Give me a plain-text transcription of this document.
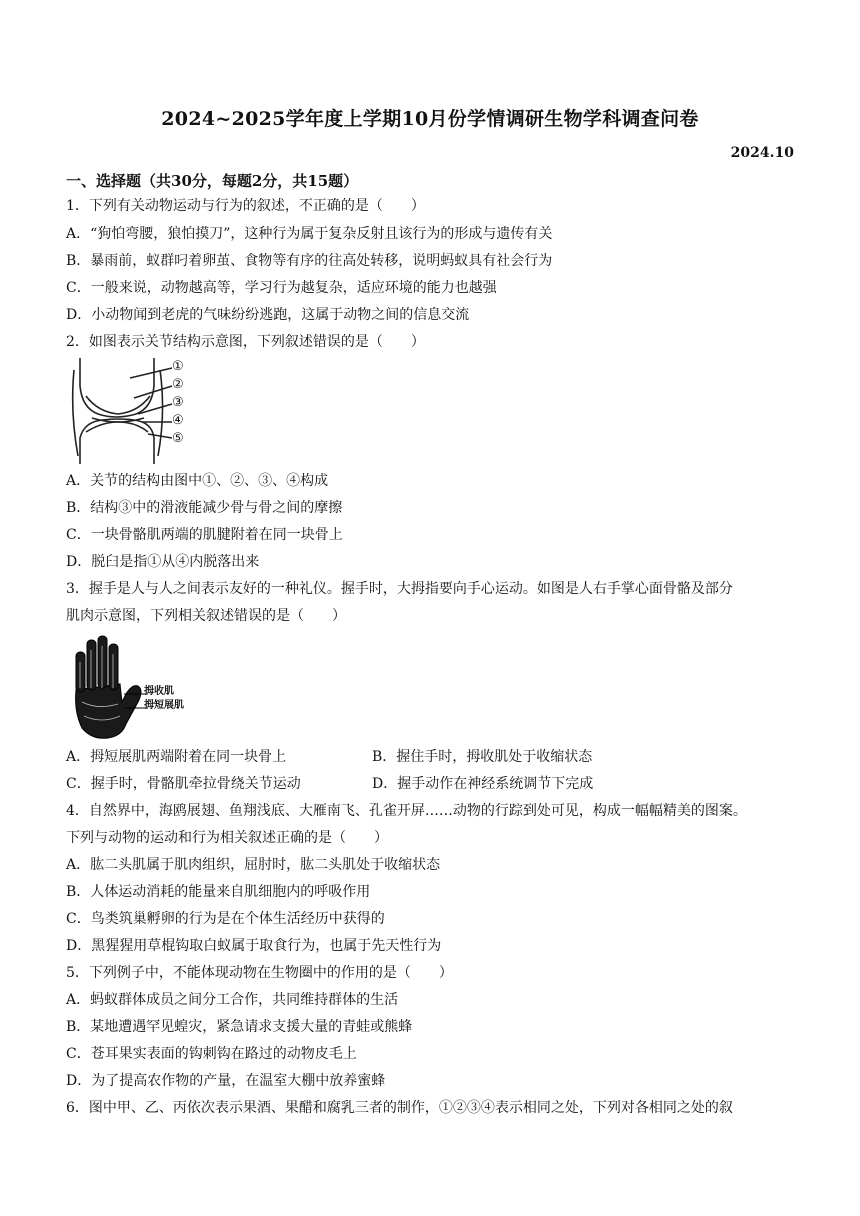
2024~2025学年度上学期10月份学情调研生物学科调查问卷
2024.10
一、选择题（共30分，每题2分，共15题）
1．下列有关动物运动与行为的叙述，不正确的是（　　）
A．“狗怕弯腰，狼怕摸刀”，这种行为属于复杂反射且该行为的形成与遗传有关
B．暴雨前，蚁群叼着卵茧、食物等有序的往高处转移，说明蚂蚁具有社会行为
C．一般来说，动物越高等，学习行为越复杂，适应环境的能力也越强
D．小动物闻到老虎的气味纷纷逃跑，这属于动物之间的信息交流
2．如图表示关节结构示意图，下列叙述错误的是（　　）
①
②
③
④
⑤
A．关节的结构由图中①、②、③、④构成
B．结构③中的滑液能减少骨与骨之间的摩擦
C．一块骨骼肌两端的肌腱附着在同一块骨上
D．脱臼是指①从④内脱落出来
3．握手是人与人之间表示友好的一种礼仪。握手时，大拇指要向手心运动。如图是人右手掌心面骨骼及部分
肌肉示意图，下列相关叙述错误的是（　　）
拇收肌
拇短展肌
A．拇短展肌两端附着在同一块骨上	B．握住手时，拇收肌处于收缩状态
C．握手时，骨骼肌牵拉骨绕关节运动	D．握手动作在神经系统调节下完成
4．自然界中，海鸥展翅、鱼翔浅底、大雁南飞、孔雀开屏……动物的行踪到处可见，构成一幅幅精美的图案。
下列与动物的运动和行为相关叙述正确的是（　　）
A．肱二头肌属于肌肉组织，屈肘时，肱二头肌处于收缩状态
B．人体运动消耗的能量来自肌细胞内的呼吸作用
C．鸟类筑巢孵卵的行为是在个体生活经历中获得的
D．黑猩猩用草棍钩取白蚁属于取食行为，也属于先天性行为
5．下列例子中，不能体现动物在生物圈中的作用的是（　　）
A．蚂蚁群体成员之间分工合作，共同维持群体的生活
B．某地遭遇罕见蝗灾，紧急请求支援大量的青蛙或熊蜂
C．苍耳果实表面的钩刺钩在路过的动物皮毛上
D．为了提高农作物的产量，在温室大棚中放养蜜蜂
6．图中甲、乙、丙依次表示果酒、果醋和腐乳三者的制作，①②③④表示相同之处，下列对各相同之处的叙
